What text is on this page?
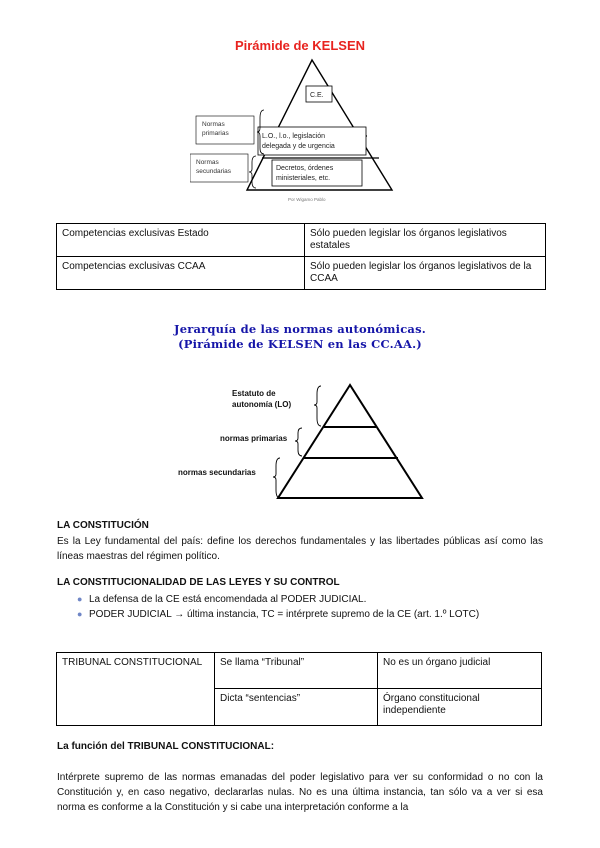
Pirámide de KELSEN
C.E.
L.O., l.o., legislación
delegada y de urgencia
Decretos, órdenes
ministeriales, etc.
Normas
primarias
Normas
secundarias
Por Wigamo Pablo
Competencias exclusivas Estado	Sólo pueden legislar los órganos legislativos estatales
Competencias exclusivas CCAA	Sólo pueden legislar los órganos legislativos de la CCAA
Jerarquía de las normas autonómicas.
(Pirámide de KELSEN en las CC.AA.)
Estatuto de
autonomía (LO)
normas primarias
normas secundarias
LA CONSTITUCIÓN
Es la Ley fundamental del país: define los derechos fundamentales y las libertades públicas así como las líneas maestras del régimen político.
LA CONSTITUCIONALIDAD DE LAS LEYES Y SU CONTROL
● La defensa de la CE está encomendada al PODER JUDICIAL.
● PODER JUDICIAL → última instancia, TC = intérprete supremo de la CE (art. 1.º LOTC)
TRIBUNAL CONSTITUCIONAL	Se llama “Tribunal”	No es un órgano judicial
	Dicta “sentencias”	Órgano constitucional independiente
La función del TRIBUNAL CONSTITUCIONAL:
Intérprete supremo de las normas emanadas del poder legislativo para ver su conformidad o no con la Constitución y, en caso negativo, declararlas nulas. No es una última instancia, tan sólo va a ver si esa norma es conforme a la Constitución y si cabe una interpretación conforme a la
